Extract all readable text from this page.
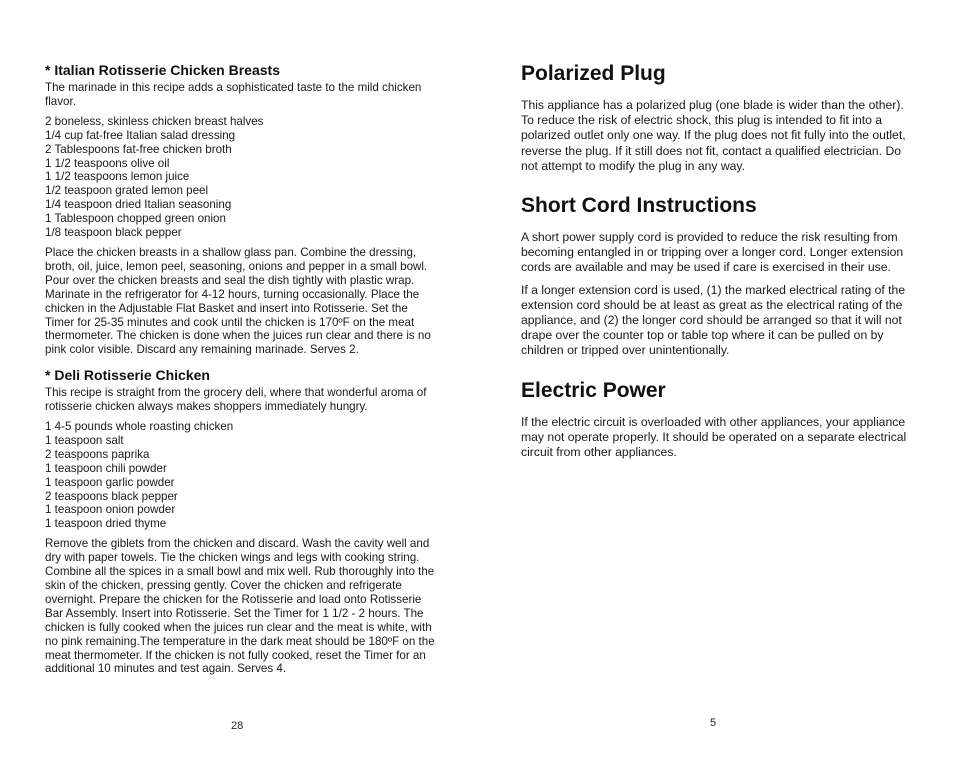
* Italian Rotisserie Chicken Breasts

The marinade in this recipe adds a sophisticated taste to the mild chicken flavor.

2 boneless, skinless chicken breast halves
1/4 cup fat-free Italian salad dressing
2 Tablespoons fat-free chicken broth
1 1/2 teaspoons olive oil
1 1/2 teaspoons lemon juice
1/2 teaspoon grated lemon peel
1/4 teaspoon dried Italian seasoning
1 Tablespoon chopped green onion
1/8 teaspoon black pepper

Place the chicken breasts in a shallow glass pan. Combine the dressing, broth, oil, juice, lemon peel, seasoning, onions and pepper in a small bowl. Pour over the chicken breasts and seal the dish tightly with plastic wrap. Marinate in the refrigerator for 4-12 hours, turning occasionally. Place the chicken in the Adjustable Flat Basket and insert into Rotisserie. Set the Timer for 25-35 minutes and cook until the chicken is 170ºF on the meat thermometer. The chicken is done when the juices run clear and there is no pink color visible. Discard any remaining marinade. Serves 2.

* Deli Rotisserie Chicken

This recipe is straight from the grocery deli, where that wonderful aroma of rotisserie chicken always makes shoppers immediately hungry.

1 4-5 pounds whole roasting chicken
1 teaspoon salt
2 teaspoons paprika
1 teaspoon chili powder
1 teaspoon garlic powder
2 teaspoons black pepper
1 teaspoon onion powder
1 teaspoon dried thyme

Remove the giblets from the chicken and discard. Wash the cavity well and dry with paper towels. Tie the chicken wings and legs with cooking string. Combine all the spices in a small bowl and mix well. Rub thoroughly into the skin of the chicken, pressing gently. Cover the chicken and refrigerate overnight. Prepare the chicken for the Rotisserie and load onto Rotisserie Bar Assembly. Insert into Rotisserie. Set the Timer for 1 1/2 - 2 hours. The chicken is fully cooked when the juices run clear and the meat is white, with no pink remaining.The temperature in the dark meat should be 180ºF on the meat thermometer. If the chicken is not fully cooked, reset the Timer for an additional 10 minutes and test again. Serves 4.

28
Polarized Plug

This appliance has a polarized plug (one blade is wider than the other). To reduce the risk of electric shock, this plug is intended to fit into a polarized outlet only one way. If the plug does not fit fully into the outlet, reverse the plug. If it still does not fit, contact a qualified electrician. Do not attempt to modify the plug in any way.

Short Cord Instructions

A short power supply cord is provided to reduce the risk resulting from becoming entangled in or tripping over a longer cord. Longer extension cords are available and may be used if care is exercised in their use.

If a longer extension cord is used, (1) the marked electrical rating of the extension cord should be at least as great as the electrical rating of the appliance, and (2) the longer cord should be arranged so that it will not drape over the counter top or table top where it can be pulled on by children or tripped over unintentionally.

Electric Power

If the electric circuit is overloaded with other appliances, your appliance may not operate properly. It should be operated on a separate electrical circuit from other appliances.

5
